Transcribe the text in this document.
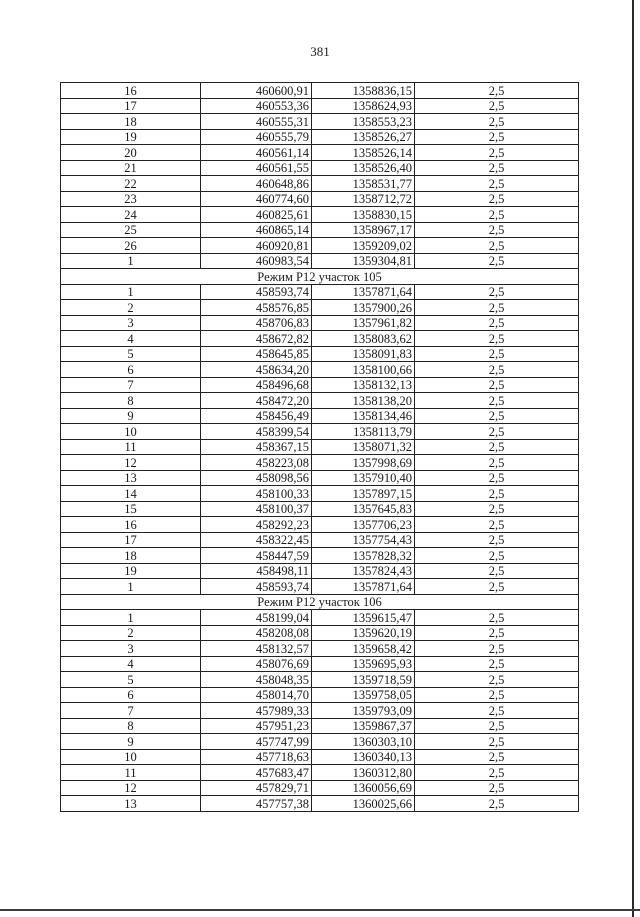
381
16	460600,91	1358836,15	2,5
17	460553,36	1358624,93	2,5
18	460555,31	1358553,23	2,5
19	460555,79	1358526,27	2,5
20	460561,14	1358526,14	2,5
21	460561,55	1358526,40	2,5
22	460648,86	1358531,77	2,5
23	460774,60	1358712,72	2,5
24	460825,61	1358830,15	2,5
25	460865,14	1358967,17	2,5
26	460920,81	1359209,02	2,5
1	460983,54	1359304,81	2,5
Режим Р12 участок 105			
1	458593,74	1357871,64	2,5
2	458576,85	1357900,26	2,5
3	458706,83	1357961,82	2,5
4	458672,82	1358083,62	2,5
5	458645,85	1358091,83	2,5
6	458634,20	1358100,66	2,5
7	458496,68	1358132,13	2,5
8	458472,20	1358138,20	2,5
9	458456,49	1358134,46	2,5
10	458399,54	1358113,79	2,5
11	458367,15	1358071,32	2,5
12	458223,08	1357998,69	2,5
13	458098,56	1357910,40	2,5
14	458100,33	1357897,15	2,5
15	458100,37	1357645,83	2,5
16	458292,23	1357706,23	2,5
17	458322,45	1357754,43	2,5
18	458447,59	1357828,32	2,5
19	458498,11	1357824,43	2,5
1	458593,74	1357871,64	2,5
Режим Р12 участок 106			
1	458199,04	1359615,47	2,5
2	458208,08	1359620,19	2,5
3	458132,57	1359658,42	2,5
4	458076,69	1359695,93	2,5
5	458048,35	1359718,59	2,5
6	458014,70	1359758,05	2,5
7	457989,33	1359793,09	2,5
8	457951,23	1359867,37	2,5
9	457747,99	1360303,10	2,5
10	457718,63	1360340,13	2,5
11	457683,47	1360312,80	2,5
12	457829,71	1360056,69	2,5
13	457757,38	1360025,66	2,5
